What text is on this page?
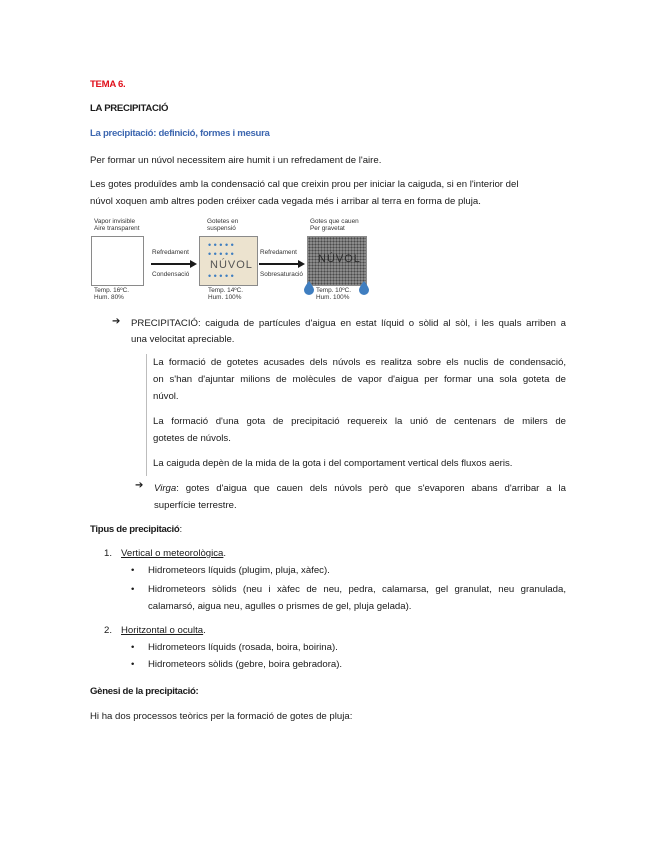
TEMA 6.
LA PRECIPITACIÓ
La precipitació: definició, formes i mesura
Per formar un núvol necessitem aire humit i un refredament de l'aire.
Les gotes produïdes amb la condensació cal que creixin prou per iniciar la caiguda, si en l'interior del
núvol xoquen amb altres poden créixer cada vegada més i arribar al terra en forma de pluja.
Vapor invisible
Aire transparent
Temp. 16ºC.
Hum. 80%
Refredament
Condensació
Gotetes en
suspensió
• • • • •
• • • • •
NÚVOL
• • • • •
Temp. 14ºC.
Hum. 100%
Refredament
Sobresaturació
Gotes que cauen
Per gravetat
NÚVOL
Temp. 10ºC.
Hum. 100%
➔ PRECIPITACIÓ: caiguda de partícules d'aigua en estat líquid o sòlid al sòl, i les quals arriben a
una velocitat apreciable.
La formació de gotetes acusades dels núvols es realitza sobre els nuclis de condensació,
on s'han d'ajuntar milions de molècules de vapor d'aigua per formar una sola goteta de
núvol.
La formació d'una gota de precipitació requereix la unió de centenars de milers de
gotetes de núvols.
La caiguda depèn de la mida de la gota i del comportament vertical dels fluxos aeris.
➔ Virga: gotes d'aigua que cauen dels núvols però que s'evaporen abans d'arribar a la
superfície terrestre.
Tipus de precipitació:
1. Vertical o meteorològica.
• Hidrometeors líquids (plugim, pluja, xàfec).
• Hidrometeors sòlids (neu i xàfec de neu, pedra, calamarsa, gel granulat, neu granulada,
calamarsó, aigua neu, agulles o prismes de gel, pluja gelada).
2. Horitzontal o oculta.
• Hidrometeors líquids (rosada, boira, boirina).
• Hidrometeors sòlids (gebre, boira gebradora).
Gènesi de la precipitació:
Hi ha dos processos teòrics per la formació de gotes de pluja:
